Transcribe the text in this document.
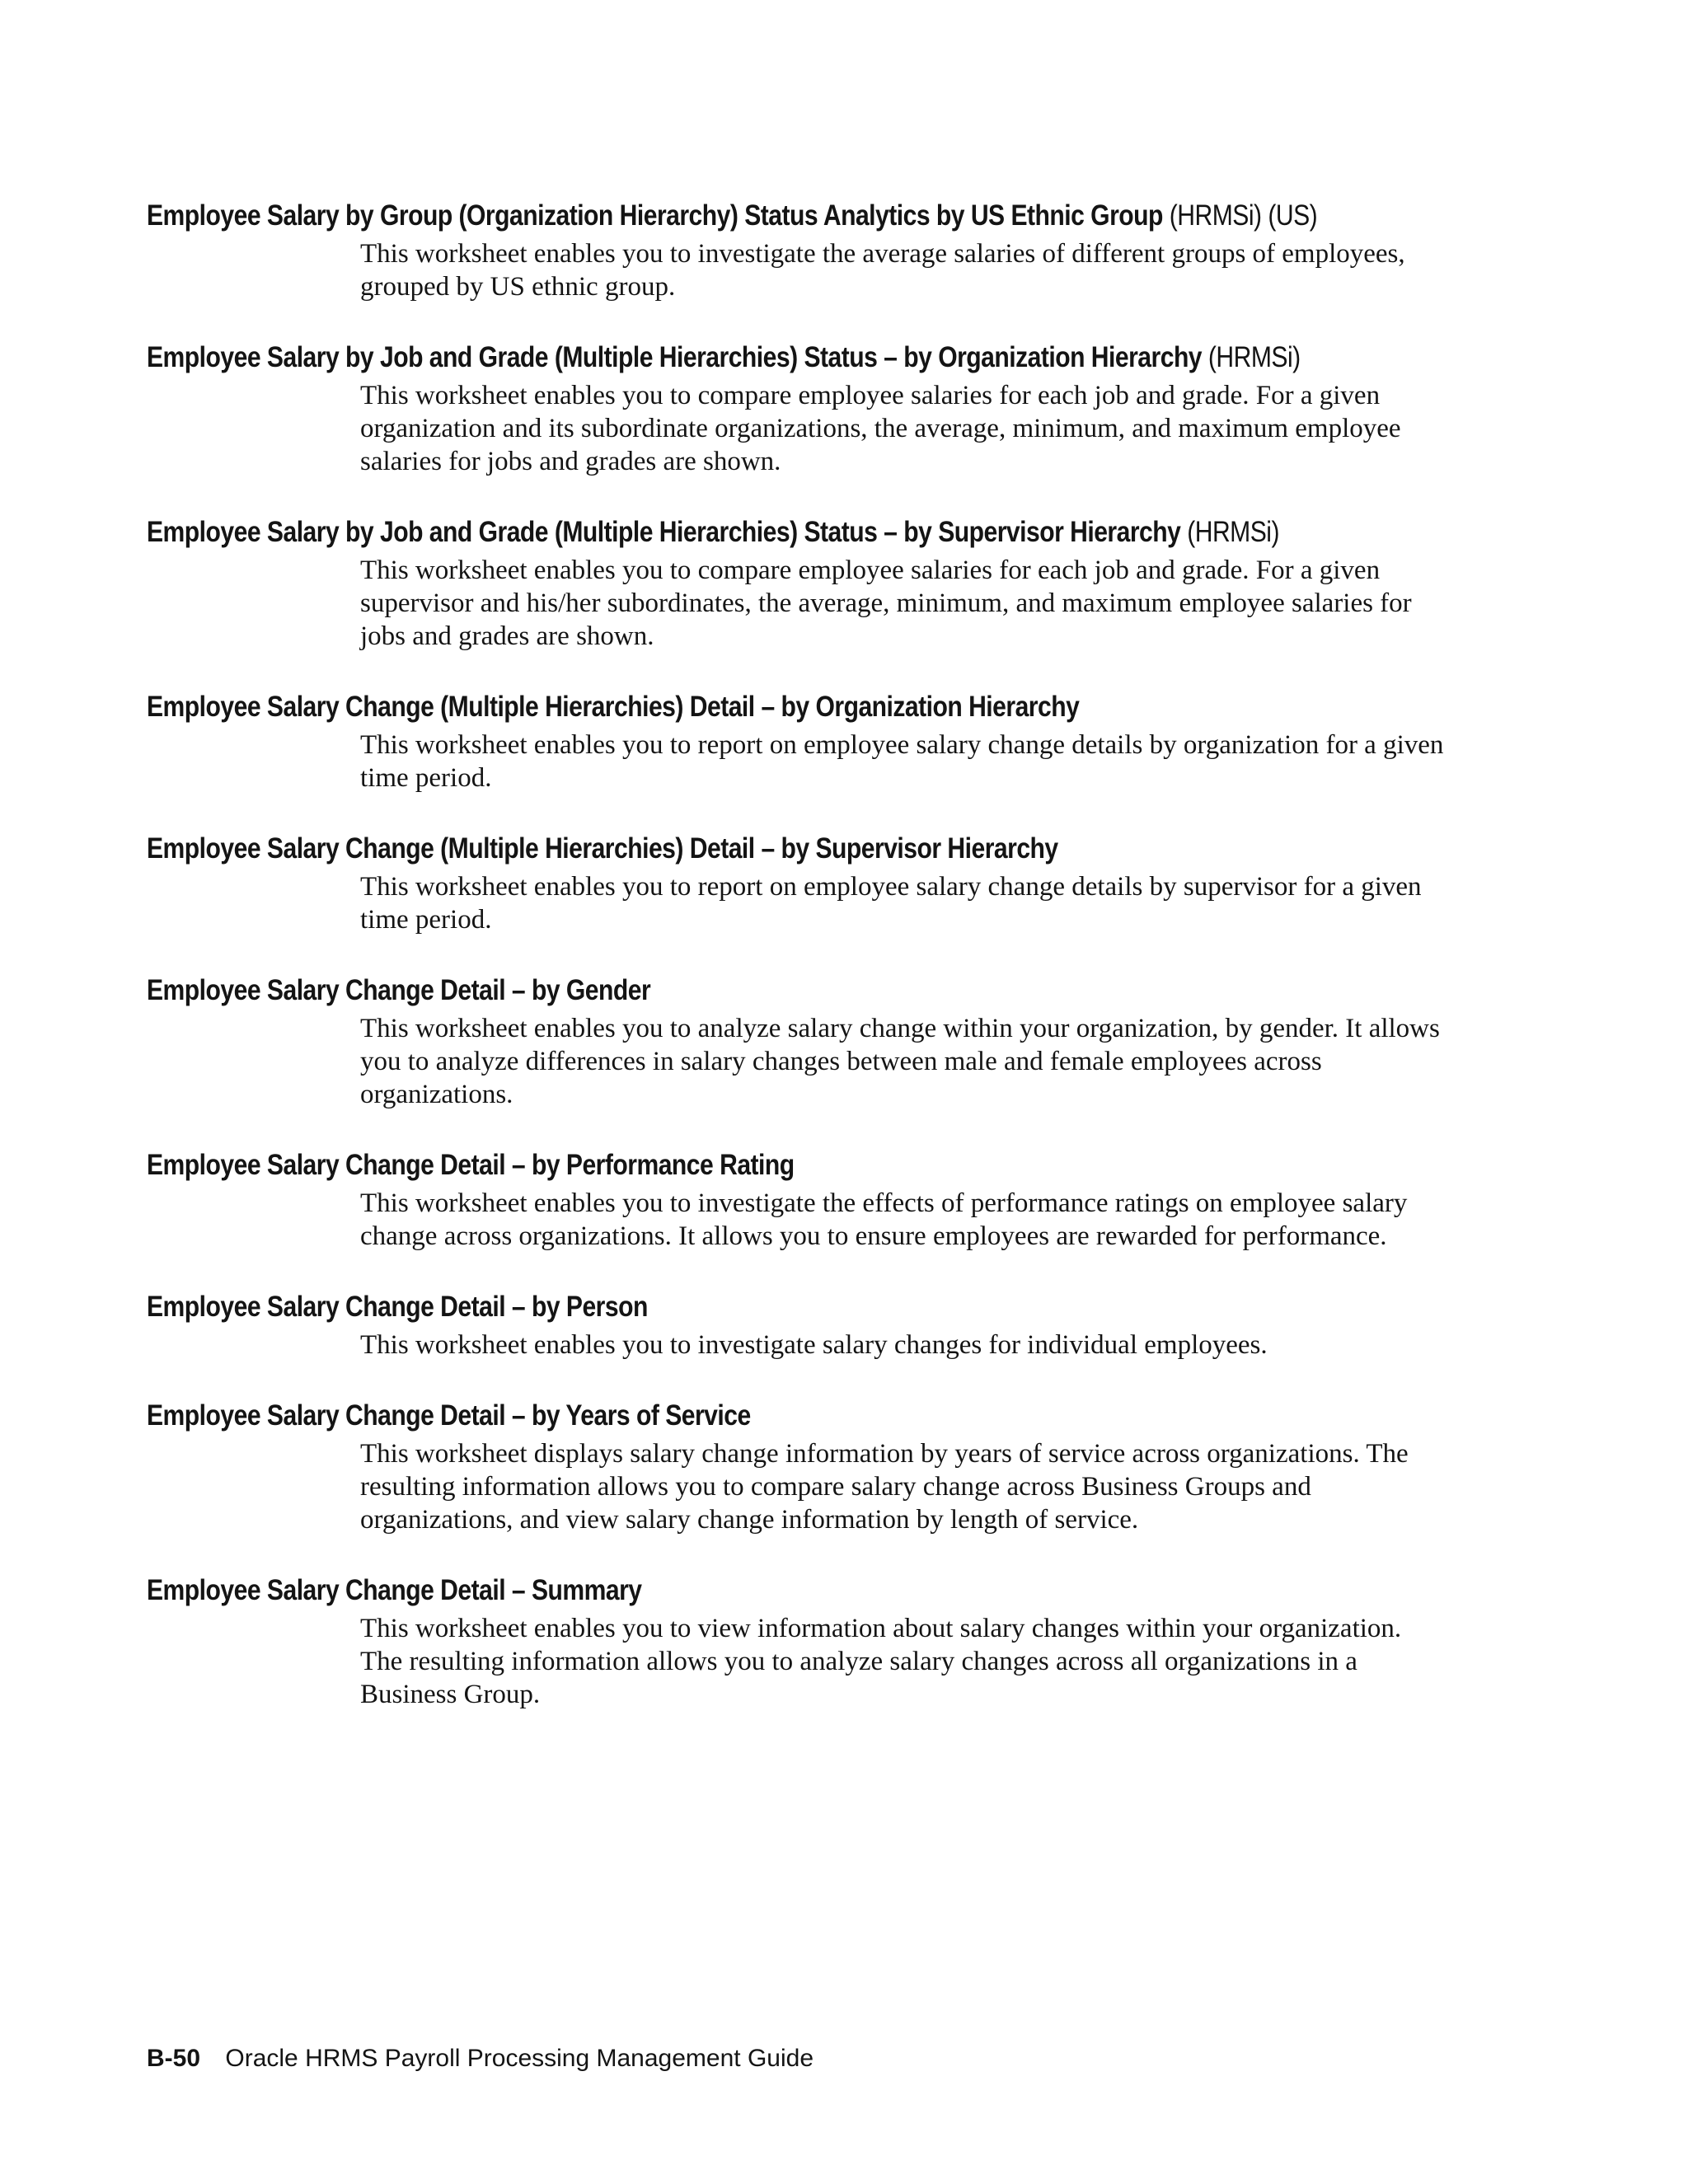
Employee Salary by Group (Organization Hierarchy) Status Analytics by US Ethnic Group (HRMSi) (US)
This worksheet enables you to investigate the average salaries of different groups of employees, grouped by US ethnic group.
Employee Salary by Job and Grade (Multiple Hierarchies) Status – by Organization Hierarchy (HRMSi)
This worksheet enables you to compare employee salaries for each job and grade. For a given organization and its subordinate organizations, the average, minimum, and maximum employee salaries for jobs and grades are shown.
Employee Salary by Job and Grade (Multiple Hierarchies) Status – by Supervisor Hierarchy (HRMSi)
This worksheet enables you to compare employee salaries for each job and grade. For a given supervisor and his/her subordinates, the average, minimum, and maximum employee salaries for jobs and grades are shown.
Employee Salary Change (Multiple Hierarchies) Detail – by Organization Hierarchy
This worksheet enables you to report on employee salary change details by organization for a given time period.
Employee Salary Change (Multiple Hierarchies) Detail – by Supervisor Hierarchy
This worksheet enables you to report on employee salary change details by supervisor for a given time period.
Employee Salary Change Detail – by Gender
This worksheet enables you to analyze salary change within your organization, by gender. It allows you to analyze differences in salary changes between male and female employees across organizations.
Employee Salary Change Detail – by Performance Rating
This worksheet enables you to investigate the effects of performance ratings on employee salary change across organizations. It allows you to ensure employees are rewarded for performance.
Employee Salary Change Detail – by Person
This worksheet enables you to investigate salary changes for individual employees.
Employee Salary Change Detail – by Years of Service
This worksheet displays salary change information by years of service across organizations. The resulting information allows you to compare salary change across Business Groups and organizations, and view salary change information by length of service.
Employee Salary Change Detail – Summary
This worksheet enables you to view information about salary changes within your organization. The resulting information allows you to analyze salary changes across all organizations in a Business Group.
B-50 Oracle HRMS Payroll Processing Management Guide
